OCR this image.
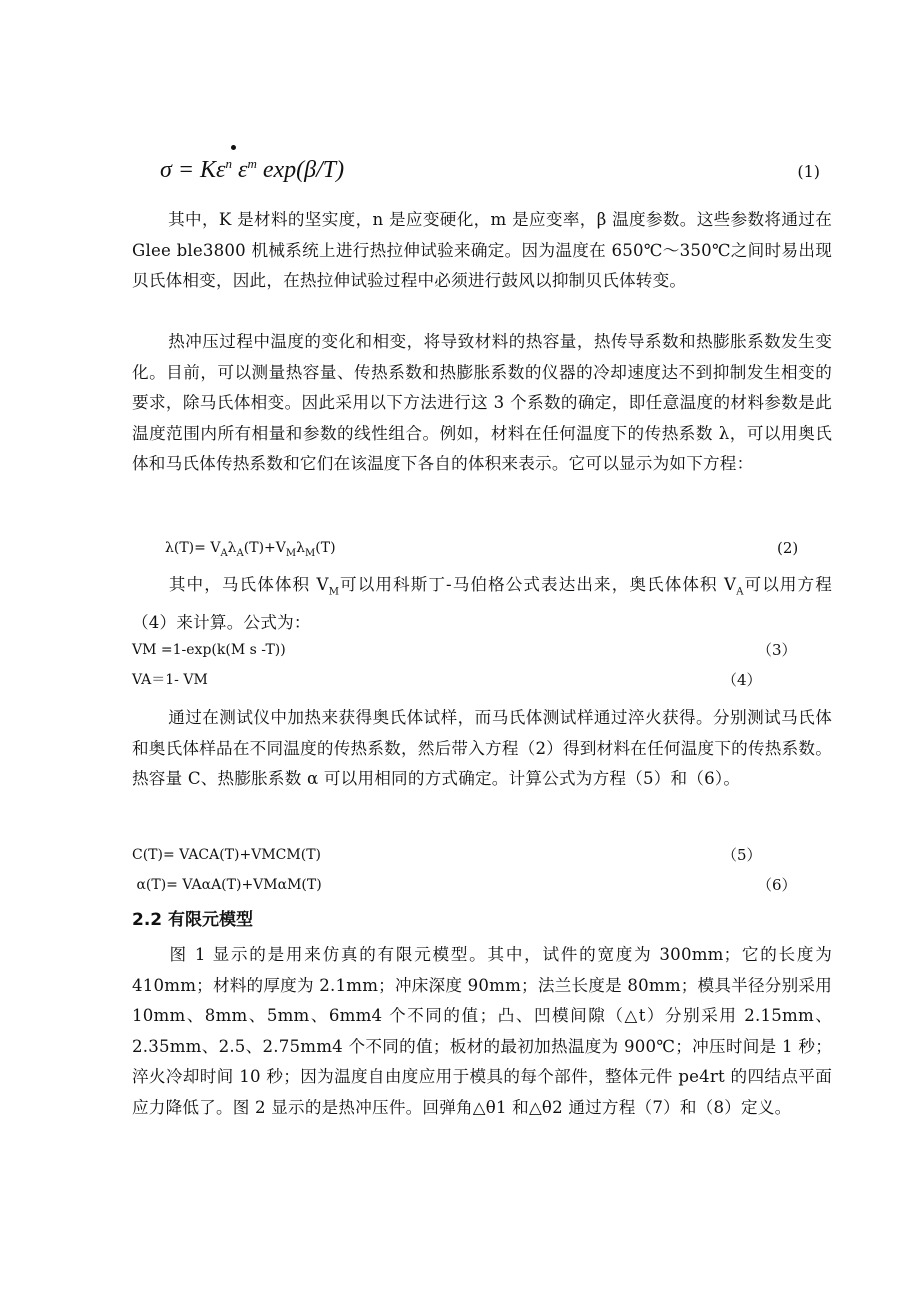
$\sigma = K\varepsilon^n$ $\varepsilon^m$ exp(β/T)	(1)

其中，K 是材料的坚实度，n 是应变硬化，m 是应变率，β 温度参数。这些参数将通过在 Glee ble3800 机械系统上进行热拉伸试验来确定。因为温度在 650℃～350℃之间时易出现贝氏体相变，因此，在热拉伸试验过程中必须进行鼓风以抑制贝氏体转变。

热冲压过程中温度的变化和相变，将导致材料的热容量，热传导系数和热膨胀系数发生变化。目前，可以测量热容量、传热系数和热膨胀系数的仪器的冷却速度达不到抑制发生相变的要求，除马氏体相变。因此采用以下方法进行这 3 个系数的确定，即任意温度的材料参数是此温度范围内所有相量和参数的线性组合。例如，材料在任何温度下的传热系数 λ，可以用奥氏体和马氏体传热系数和它们在该温度下各自的体积来表示。它可以显示为如下方程：

$\lambda(T)= V_A\lambda_A(T)+V_M\lambda_M(T)$	(2)

其中，马氏体体积 $V_M$可以用科斯丁-马伯格公式表达出来，奥氏体体积 $V_A$可以用方程（4）来计算。公式为：

VM =1-exp(k(M s -T))	（3）
VA＝1- VM	（4）

通过在测试仪中加热来获得奥氏体试样，而马氏体测试样通过淬火获得。分别测试马氏体和奥氏体样品在不同温度的传热系数，然后带入方程（2）得到材料在任何温度下的传热系数。热容量 C、热膨胀系数 α 可以用相同的方式确定。计算公式为方程（5）和（6）。

C(T)= VACA(T)+VMCM(T)	（5）
α(T)= VAαA(T)+VMαM(T)	（6）
2.2 有限元模型

图 1 显示的是用来仿真的有限元模型。其中，试件的宽度为 300mm；它的长度为 410mm；材料的厚度为 2.1mm；冲床深度 90mm；法兰长度是 80mm；模具半径分别采用 10mm、8mm、5mm、6mm4 个不同的值；凸、凹模间隙（△t）分别采用 2.15mm、2.35mm、2.5、2.75mm4 个不同的值；板材的最初加热温度为 900℃；冲压时间是 1 秒；淬火冷却时间 10 秒；因为温度自由度应用于模具的每个部件，整体元件 pe4rt 的四结点平面应力降低了。图 2 显示的是热冲压件。回弹角△θ1 和△θ2 通过方程（7）和（8）定义。
